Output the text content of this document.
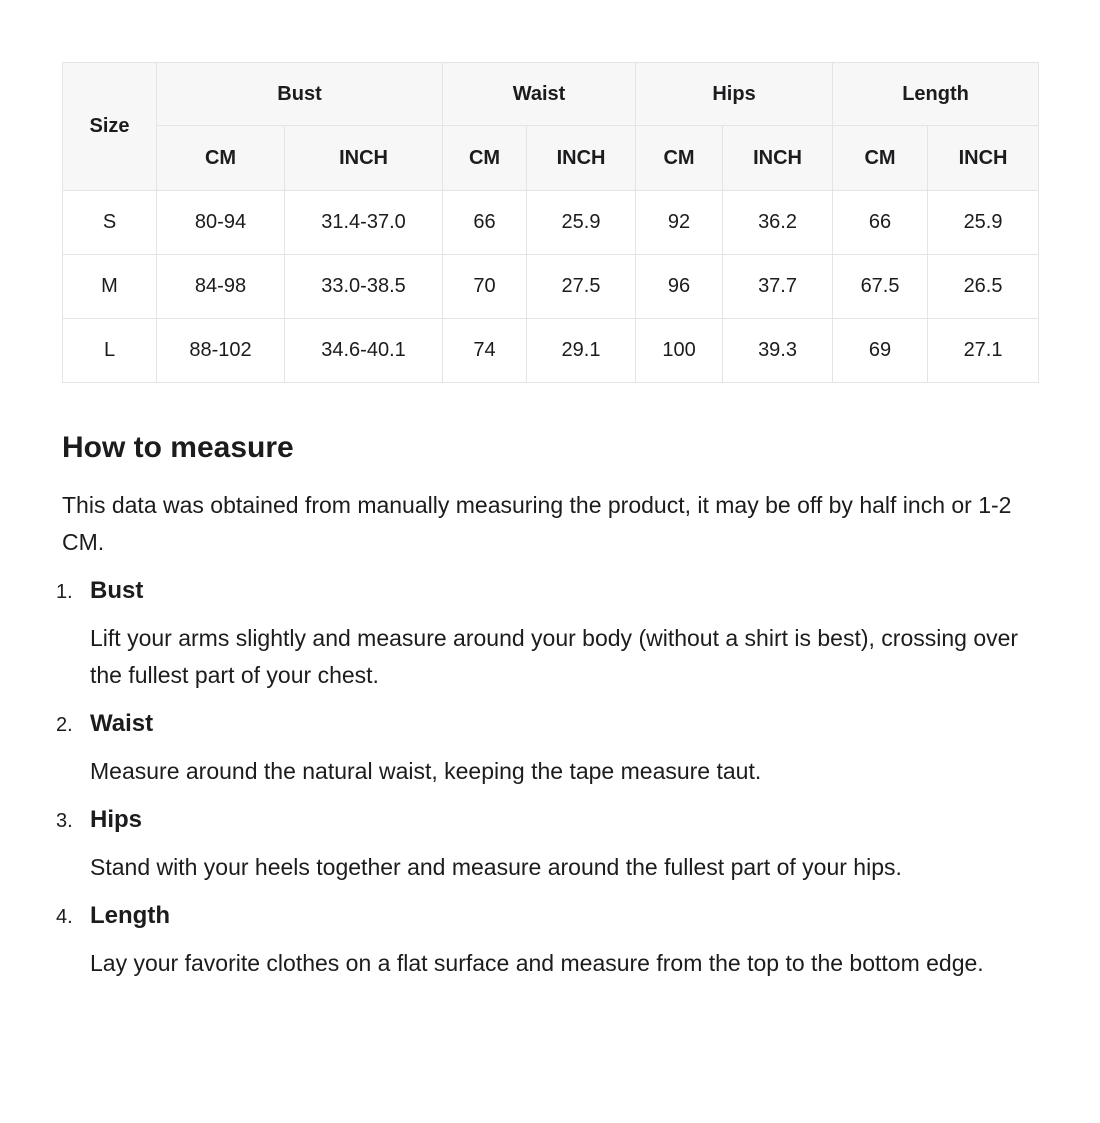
Size	Bust		Waist		Hips		Length	
	CM	INCH	CM	INCH	CM	INCH	CM	INCH
S	80-94	31.4-37.0	66	25.9	92	36.2	66	25.9
M	84-98	33.0-38.5	70	27.5	96	37.7	67.5	26.5
L	88-102	34.6-40.1	74	29.1	100	39.3	69	27.1
How to measure

This data was obtained from manually measuring the product, it may be off by half inch or 1-2 CM.

1. Bust

Lift your arms slightly and measure around your body (without a shirt is best), crossing over the fullest part of your chest.

2. Waist

Measure around the natural waist, keeping the tape measure taut.

3. Hips

Stand with your heels together and measure around the fullest part of your hips.

4. Length

Lay your favorite clothes on a flat surface and measure from the top to the bottom edge.
